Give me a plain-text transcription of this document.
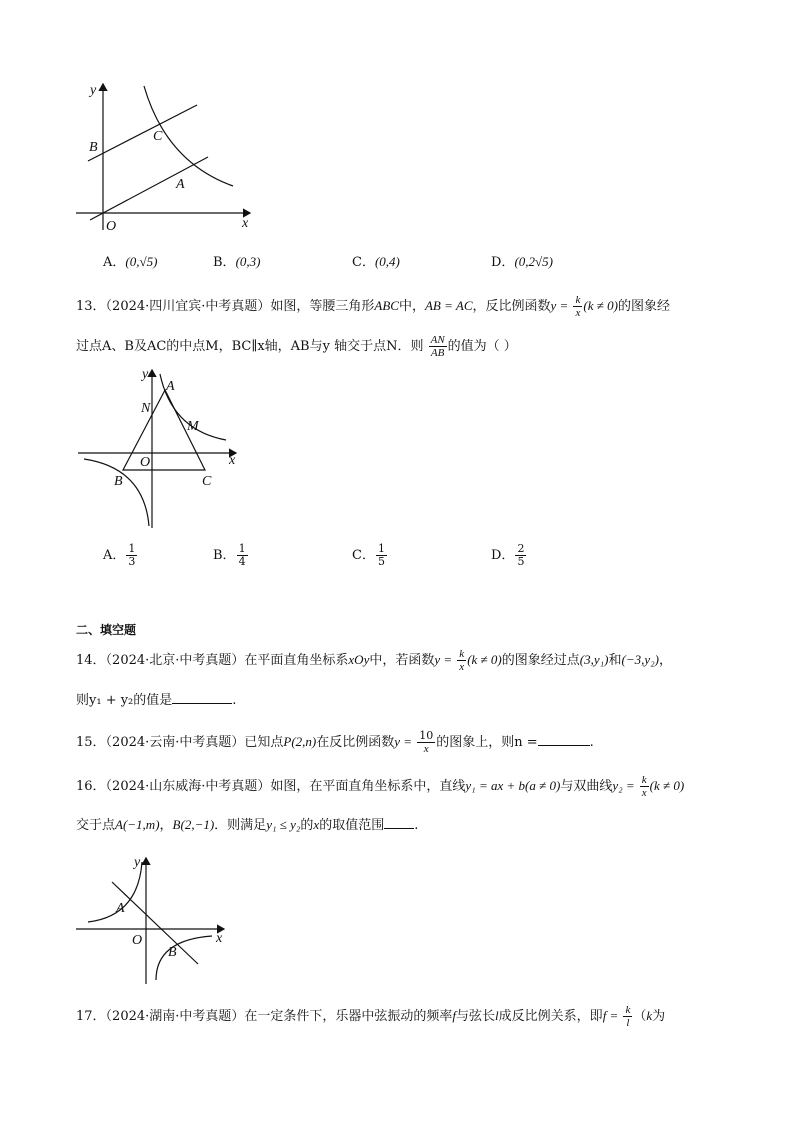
y
x
O
B
C
A
A．(0,√5)	B．(0,3)	C．(0,4)	D．(0,2√5)
13．（2024·四川宜宾·中考真题）如图，等腰三角形ABC中，AB = AC，反比例函数$y = \frac{k}{x} (k \ne 0)$的图象经
过点A、B及AC的中点M，BC∥x轴，AB与y 轴交于点N．则 $\frac{AN}{AB}$ 的值为（ ）
y
x
A
N
M
O
B	C
A． $\frac{1}{3}$	B． $\frac{1}{4}$	C． $\frac{1}{5}$	D． $\frac{2}{5}$
二、填空题
14．（2024·北京·中考真题）在平面直角坐标系xOy中，若函数$y = \frac{k}{x} (k \ne 0)$的图象经过点(3,y₁)和(−3,y₂)，
则y₁ + y₂的值是	.
15．（2024·云南·中考真题）已知点P(2,n)在反比例函数$y = \frac{10}{x}$ 的图象上，则n =	.
16．（2024·山东威海·中考真题）如图，在平面直角坐标系中，直线y₁ = ax + b(a ≠ 0)与双曲线$y_2 = \frac{k}{x} (k \ne 0)$
交于点A(−1,m)，B(2,−1)．则满足y₁ ≤ y₂的x的取值范围 .
y
x
O
A
B
17．（2024·湖南·中考真题）在一定条件下，乐器中弦振动的频率f与弦长l成反比例关系，即$f = \frac{k}{l} (k$为
